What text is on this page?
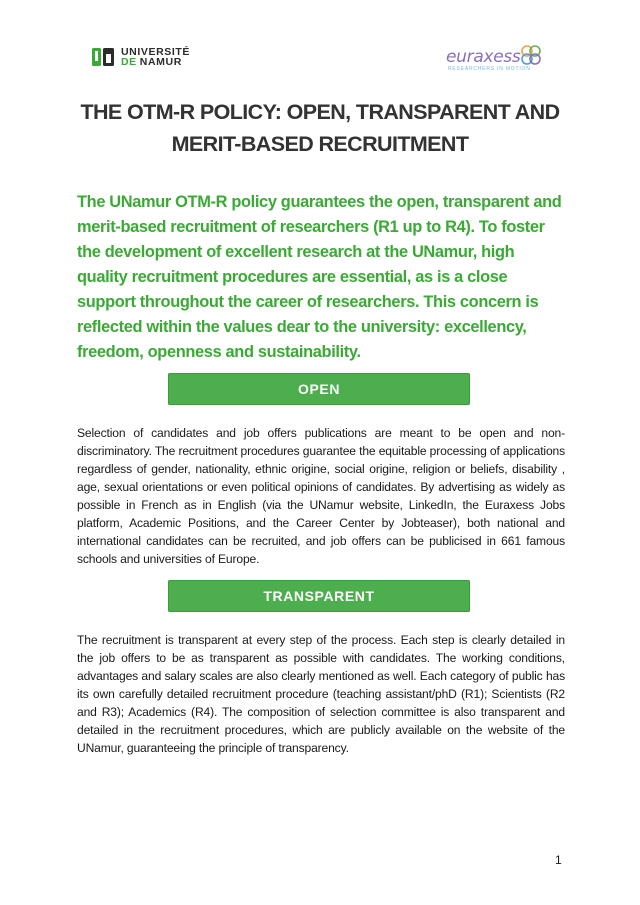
UNIVERSITÉ
DE NAMUR	euraxess
RESEARCHERS IN MOTION
THE OTM-R POLICY: OPEN, TRANSPARENT AND
MERIT-BASED RECRUITMENT
The UNamur OTM-R policy guarantees the open, transparent and merit-based recruitment of researchers (R1 up to R4). To foster the development of excellent research at the UNamur, high quality recruitment procedures are essential, as is a close support throughout the career of researchers. This concern is reflected within the values dear to the university: excellency, freedom, openness and sustainability.
OPEN
Selection of candidates and job offers publications are meant to be open and non-discriminatory. The recruitment procedures guarantee the equitable processing of applications regardless of gender, nationality, ethnic origine, social origine, religion or beliefs, disability , age, sexual orientations or even political opinions of candidates. By advertising as widely as possible in French as in English (via the UNamur website, LinkedIn, the Euraxess Jobs platform, Academic Positions, and the Career Center by Jobteaser), both national and international candidates can be recruited, and job offers can be publicised in 661 famous schools and universities of Europe.
TRANSPARENT
The recruitment is transparent at every step of the process. Each step is clearly detailed in the job offers to be as transparent as possible with candidates. The working conditions, advantages and salary scales are also clearly mentioned as well. Each category of public has its own carefully detailed recruitment procedure (teaching assistant/phD (R1); Scientists (R2 and R3); Academics (R4). The composition of selection committee is also transparent and detailed in the recruitment procedures, which are publicly available on the website of the UNamur, guaranteeing the principle of transparency.
1
